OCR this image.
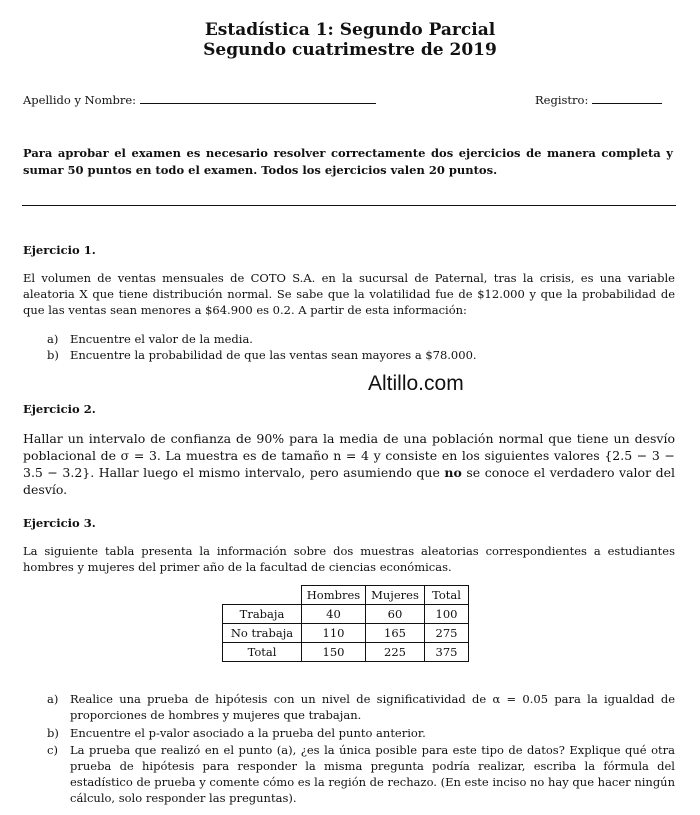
Estadística 1: Segundo Parcial
Segundo cuatrimestre de 2019
Apellido y Nombre:	Registro:
Para aprobar el examen es necesario resolver correctamente dos ejercicios de manera completa y sumar 50 puntos en todo el examen. Todos los ejercicios valen 20 puntos.
Ejercicio 1.
El volumen de ventas mensuales de COTO S.A. en la sucursal de Paternal, tras la crisis, es una variable aleatoria X que tiene distribución normal. Se sabe que la volatilidad fue de $12.000 y que la probabilidad de que las ventas sean menores a $64.900 es 0.2. A partir de esta información:
a) Encuentre el valor de la media.
b) Encuentre la probabilidad de que las ventas sean mayores a $78.000.
Altillo.com
Ejercicio 2.
Hallar un intervalo de confianza de 90% para la media de una población normal que tiene un desvío poblacional de σ = 3. La muestra es de tamaño n = 4 y consiste en los siguientes valores {2.5 − 3 − 3.5 − 3.2}. Hallar luego el mismo intervalo, pero asumiendo que no se conoce el verdadero valor del desvío.
Ejercicio 3.
La siguiente tabla presenta la información sobre dos muestras aleatorias correspondientes a estudiantes hombres y mujeres del primer año de la facultad de ciencias económicas.
	Hombres	Mujeres	Total
Trabaja	40	60	100
No trabaja	110	165	275
Total	150	225	375
a) Realice una prueba de hipótesis con un nivel de significatividad de α = 0.05 para la igualdad de proporciones de hombres y mujeres que trabajan.
b) Encuentre el p-valor asociado a la prueba del punto anterior.
c) La prueba que realizó en el punto (a), ¿es la única posible para este tipo de datos? Explique qué otra prueba de hipótesis para responder la misma pregunta podría realizar, escriba la fórmula del estadístico de prueba y comente cómo es la región de rechazo. (En este inciso no hay que hacer ningún cálculo, solo responder las preguntas).
